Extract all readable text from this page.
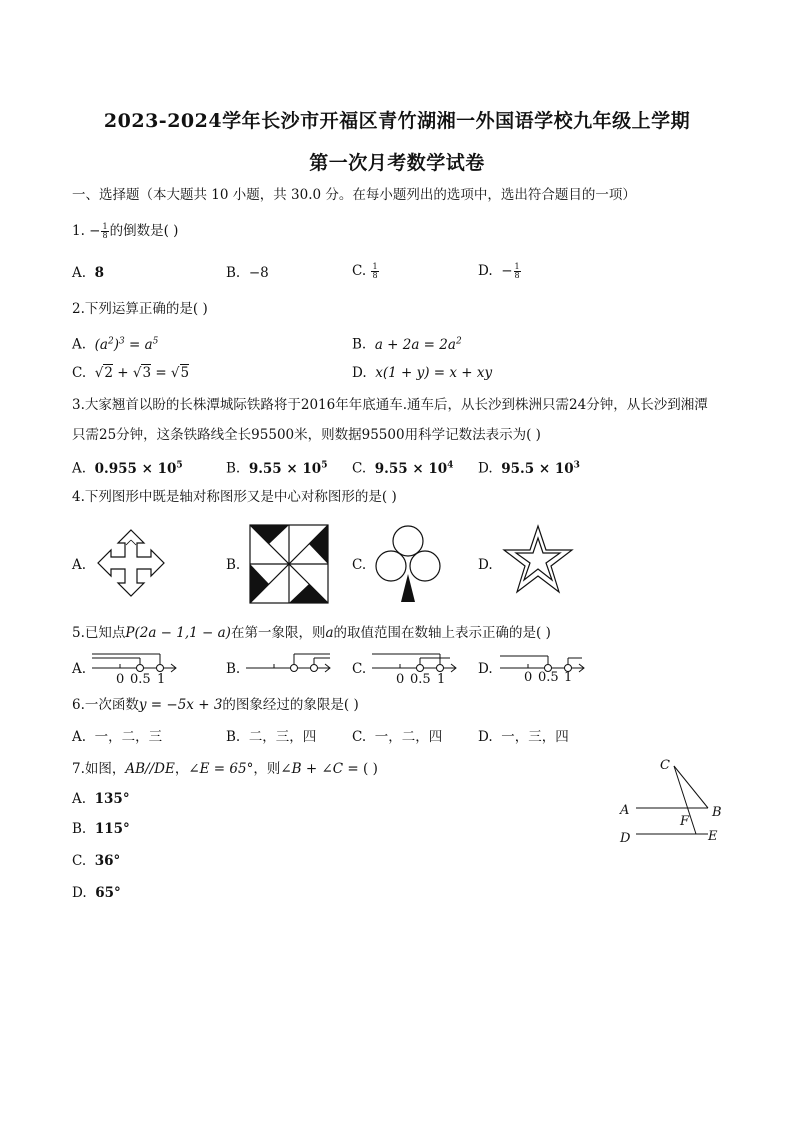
2023-2024学年长沙市开福区青竹湖湘一外国语学校九年级上学期
第一次月考数学试卷
一、选择题（本大题共 10 小题，共 30.0 分。在每小题列出的选项中，选出符合题目的一项）
1. − $\frac{1}{8}$ 的倒数是( )
A. 8	B. −8	C. $\frac{1}{8}$	D. − $\frac{1}{8}$
2.下列运算正确的是( )
A. $(a^2)^3 = a^5$	B. $a + 2a = 2a^2$
C. √2 + √3 = √5	D. x(1 + y) = x + xy
3.大家翘首以盼的长株潭城际铁路将于2016年年底通车.通车后，从长沙到株洲只需24分钟，从长沙到湘潭
只需25分钟，这条铁路线全长95500米，则数据95500用科学记数法表示为( )
A. $0.955 \times 10^5$	B. $9.55 \times 10^5$ C. $9.55 \times 10^4$ D. $95.5 \times 10^3$
4.下列图形中既是轴对称图形又是中心对称图形的是( )
A.	B.	C.	D.
5.已知点P(2a − 1,1 − a)在第一象限，则a的取值范围在数轴上表示正确的是( )
A.	B.	C.	D.
0 0.5 1	0 0.5 1	0 0.5 1
6.一次函数y = −5x + 3的图象经过的象限是( )
A. 一，二，三	B. 二，三，四	C. 一，二，四	D. 一，三，四
7.如图，AB//DE，∠E = 65°，则∠B + ∠C = ( )
A. 135°
B. 115°
C. 36°
D. 65°
C
A	B
F
D	E
